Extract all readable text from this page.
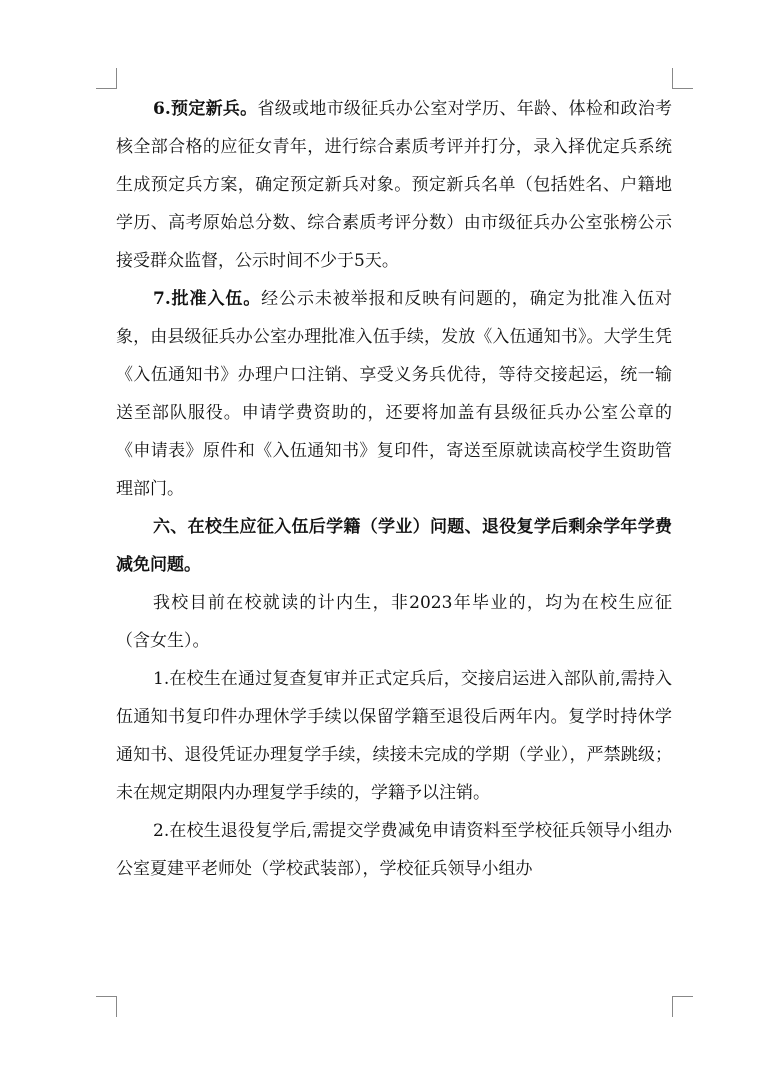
6.预定新兵。省级或地市级征兵办公室对学历、年龄、体检和政治考核全部合格的应征女青年，进行综合素质考评并打分，录入择优定兵系统生成预定兵方案，确定预定新兵对象。预定新兵名单（包括姓名、户籍地学历、高考原始总分数、综合素质考评分数）由市级征兵办公室张榜公示接受群众监督，公示时间不少于5天。

7.批准入伍。经公示未被举报和反映有问题的，确定为批准入伍对象，由县级征兵办公室办理批准入伍手续，发放《入伍通知书》。大学生凭《入伍通知书》办理户口注销、享受义务兵优待，等待交接起运，统一输送至部队服役。申请学费资助的，还要将加盖有县级征兵办公室公章的《申请表》原件和《入伍通知书》复印件，寄送至原就读高校学生资助管理部门。

六、在校生应征入伍后学籍（学业）问题、退役复学后剩余学年学费减免问题。

我校目前在校就读的计内生，非2023年毕业的，均为在校生应征（含女生）。

1.在校生在通过复查复审并正式定兵后，交接启运进入部队前,需持入伍通知书复印件办理休学手续以保留学籍至退役后两年内。复学时持休学通知书、退役凭证办理复学手续，续接未完成的学期（学业），严禁跳级；未在规定期限内办理复学手续的，学籍予以注销。

2.在校生退役复学后,需提交学费减免申请资料至学校征兵领导小组办公室夏建平老师处（学校武装部），学校征兵领导小组办
